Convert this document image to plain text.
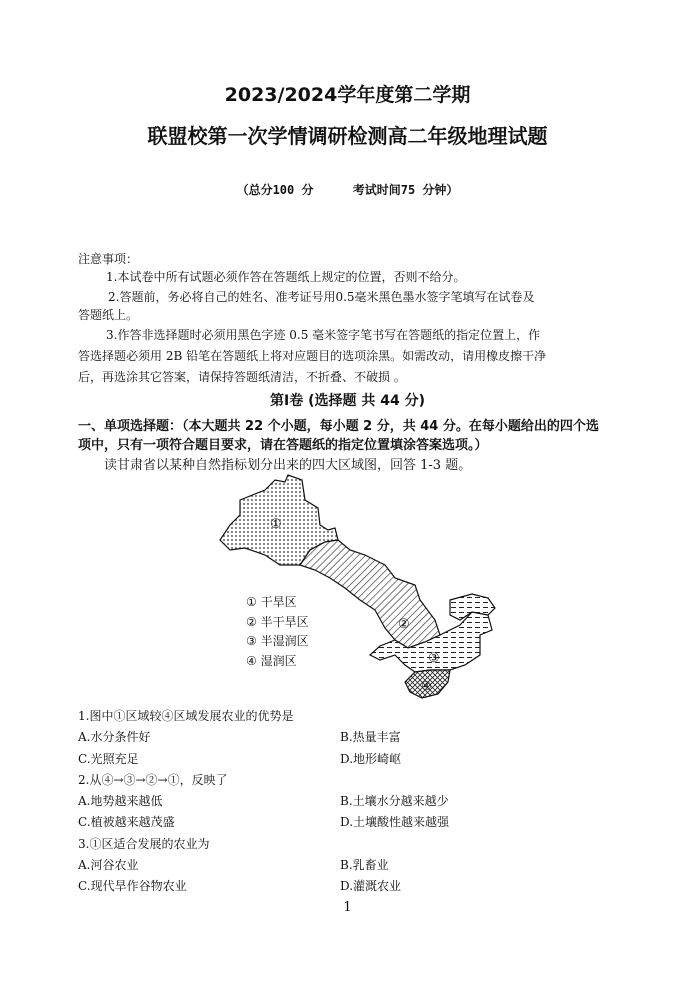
2023/2024学年度第二学期
联盟校第一次学情调研检测高二年级地理试题
（总分100 分	考试时间75 分钟）
注意事项：
1.本试卷中所有试题必须作答在答题纸上规定的位置，否则不给分。
2.答题前，务必将自己的姓名、准考证号用0.5毫米黑色墨水签字笔填写在试卷及
答题纸上。
3.作答非选择题时必须用黑色字迹 0.5 毫米签字笔书写在答题纸的指定位置上，作
答选择题必须用 2B 铅笔在答题纸上将对应题目的选项涂黑。如需改动，请用橡皮擦干净
后，再选涂其它答案，请保持答题纸清洁，不折叠、不破损 。
第Ⅰ卷 (选择题 共 44 分)
一、单项选择题：（本大题共 22 个小题，每小题 2 分，共 44 分。在每小题给出的四个选
项中，只有一项符合题目要求，请在答题纸的指定位置填涂答案选项。）
读甘肃省以某种自然指标划分出来的四大区域图，回答 1-3 题。
①
②
③
④
① 干旱区
② 半干旱区
③ 半湿润区
④ 湿润区
1.图中①区域较④区域发展农业的优势是
A.水分条件好	B.热量丰富
C.光照充足	D.地形崎岖
2.从④→③→②→①，反映了
A.地势越来越低	B.土壤水分越来越少
C.植被越来越茂盛	D.土壤酸性越来越强
3.①区适合发展的农业为
A.河谷农业	B.乳畜业
C.现代旱作谷物农业	D.灌溉农业
1
